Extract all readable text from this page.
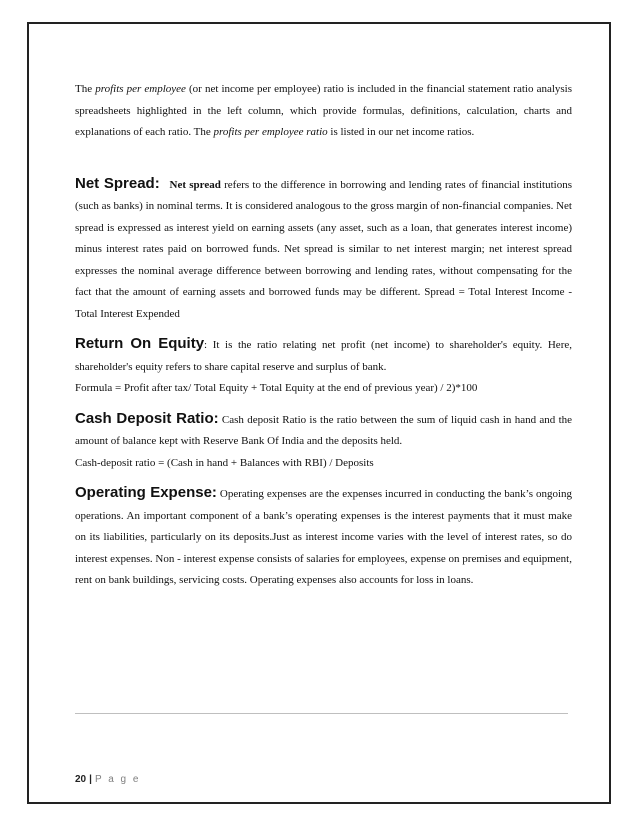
The profits per employee (or net income per employee) ratio is included in the financial statement ratio analysis spreadsheets highlighted in the left column, which provide formulas, definitions, calculation, charts and explanations of each ratio. The profits per employee ratio is listed in our net income ratios.

Net Spread: Net spread refers to the difference in borrowing and lending rates of financial institutions (such as banks) in nominal terms. It is considered analogous to the gross margin of non-financial companies. Net spread is expressed as interest yield on earning assets (any asset, such as a loan, that generates interest income) minus interest rates paid on borrowed funds. Net spread is similar to net interest margin; net interest spread expresses the nominal average difference between borrowing and lending rates, without compensating for the fact that the amount of earning assets and borrowed funds may be different. Spread = Total Interest Income - Total Interest Expended

Return On Equity: It is the ratio relating net profit (net income) to shareholder's equity. Here, shareholder's equity refers to share capital reserve and surplus of bank.

Formula = Profit after tax/ Total Equity + Total Equity at the end of previous year) / 2)*100

Cash Deposit Ratio: Cash deposit Ratio is the ratio between the sum of liquid cash in hand and the amount of balance kept with Reserve Bank Of India and the deposits held.

Cash-deposit ratio = (Cash in hand + Balances with RBI) / Deposits

Operating Expense: Operating expenses are the expenses incurred in conducting the bank’s ongoing operations. An important component of a bank’s operating expenses is the interest payments that it must make on its liabilities, particularly on its deposits.Just as interest income varies with the level of interest rates, so do interest expenses. Non - interest expense consists of salaries for employees, expense on premises and equipment, rent on bank buildings, servicing costs. Operating expenses also accounts for loss in loans.

20 | P a g e
